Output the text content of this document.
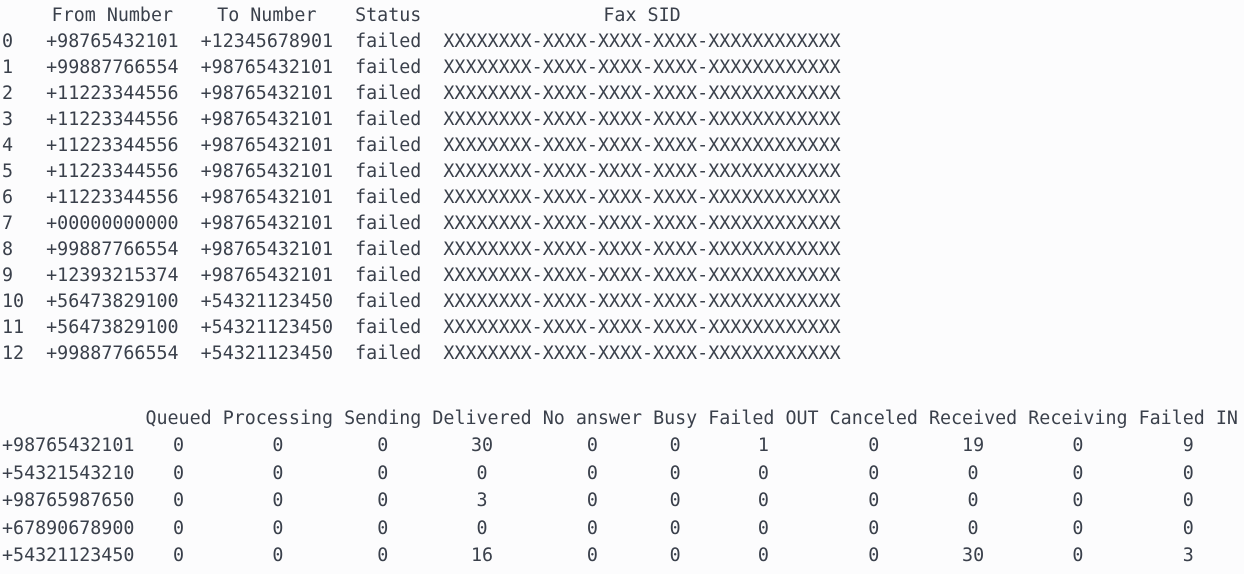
	From Number	To Number	Status	Fax SID
0	+98765432101	+12345678901	failed	XXXXXXXX-XXXX-XXXX-XXXX-XXXXXXXXXXXX
1	+99887766554	+98765432101	failed	XXXXXXXX-XXXX-XXXX-XXXX-XXXXXXXXXXXX
2	+11223344556	+98765432101	failed	XXXXXXXX-XXXX-XXXX-XXXX-XXXXXXXXXXXX
3	+11223344556	+98765432101	failed	XXXXXXXX-XXXX-XXXX-XXXX-XXXXXXXXXXXX
4	+11223344556	+98765432101	failed	XXXXXXXX-XXXX-XXXX-XXXX-XXXXXXXXXXXX
5	+11223344556	+98765432101	failed	XXXXXXXX-XXXX-XXXX-XXXX-XXXXXXXXXXXX
6	+11223344556	+98765432101	failed	XXXXXXXX-XXXX-XXXX-XXXX-XXXXXXXXXXXX
7	+00000000000	+98765432101	failed	XXXXXXXX-XXXX-XXXX-XXXX-XXXXXXXXXXXX
8	+99887766554	+98765432101	failed	XXXXXXXX-XXXX-XXXX-XXXX-XXXXXXXXXXXX
9	+12393215374	+98765432101	failed	XXXXXXXX-XXXX-XXXX-XXXX-XXXXXXXXXXXX
10	+56473829100	+54321123450	failed	XXXXXXXX-XXXX-XXXX-XXXX-XXXXXXXXXXXX
11	+56473829100	+54321123450	failed	XXXXXXXX-XXXX-XXXX-XXXX-XXXXXXXXXXXX
12	+99887766554	+54321123450	failed	XXXXXXXX-XXXX-XXXX-XXXX-XXXXXXXXXXXX
	Queued	Processing	Sending	Delivered	No answer	Busy	Failed OUT	Canceled	Received	Receiving	Failed IN
+98765432101	0	0	0	30	0	0	1	0	19	0	9
+54321543210	0	0	0	0	0	0	0	0	0	0	0
+98765987650	0	0	0	3	0	0	0	0	0	0	0
+67890678900	0	0	0	0	0	0	0	0	0	0	0
+54321123450	0	0	0	16	0	0	0	0	30	0	3
